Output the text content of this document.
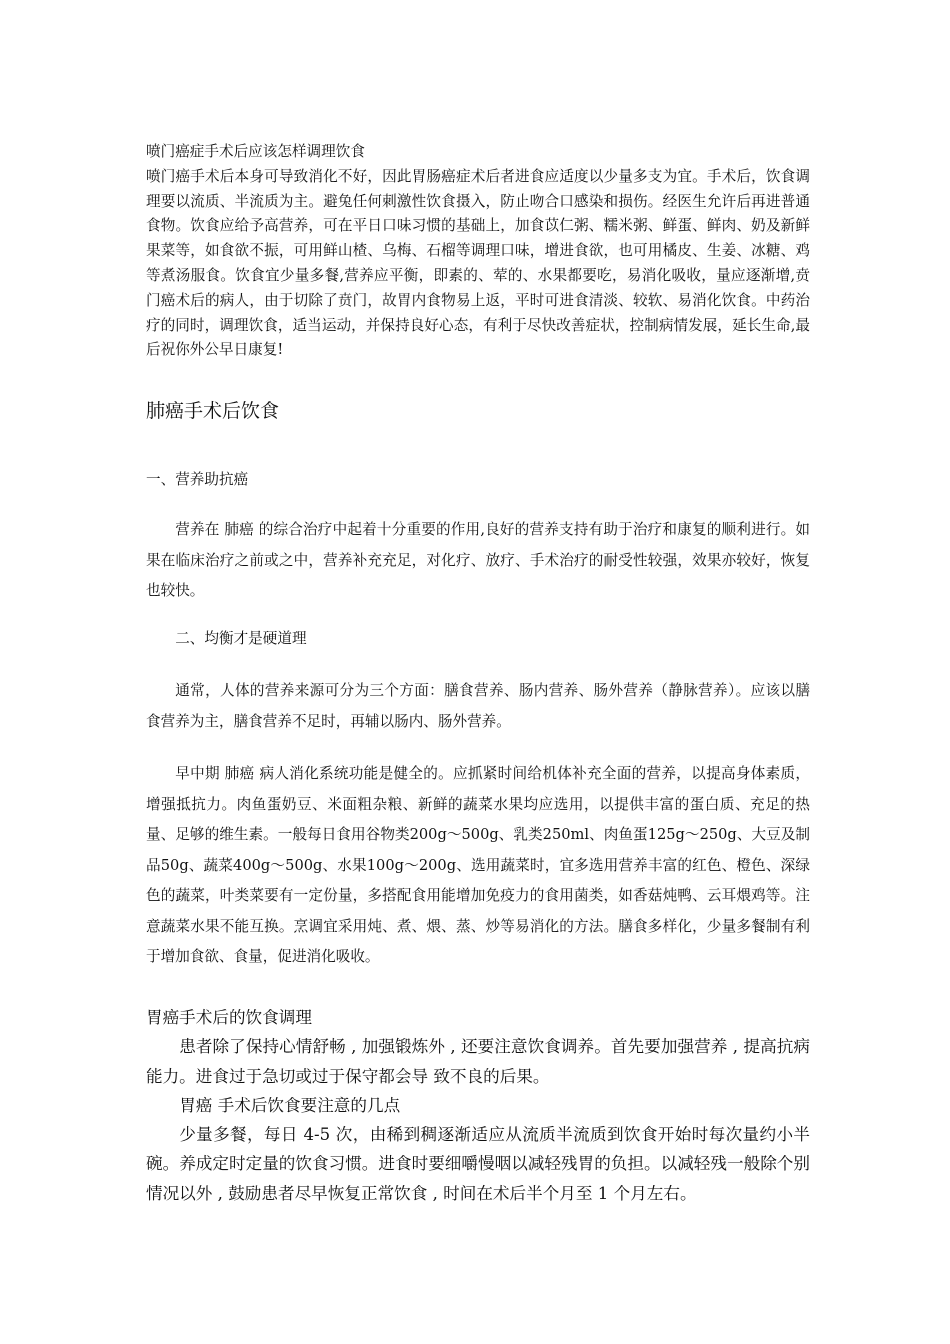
喷门癌症手术后应该怎样调理饮食
喷门癌手术后本身可导致消化不好，因此胃肠癌症术后者进食应适度以少量多支为宜。手术后，饮食调理要以流质、半流质为主。避兔任何刺激性饮食摄入，防止吻合口感染和损伤。经医生允许后再进普通食物。饮食应给予高营养，可在平日口味习惯的基础上，加食苡仁粥、糯米粥、鲜蛋、鲜肉、奶及新鲜果菜等，如食欲不振，可用鲜山楂、乌梅、石榴等调理口味，增进食欲，也可用橘皮、生姜、冰糖、鸡等煮汤服食。饮食宜少量多餐,营养应平衡，即素的、荤的、水果都要吃，易消化吸收，量应逐渐增,贲门癌术后的病人，由于切除了贲门，故胃内食物易上返，平时可进食清淡、较软、易消化饮食。中药治疗的同时，调理饮食，适当运动，并保持良好心态，有利于尽快改善症状，控制病情发展，延长生命,最后祝你外公早日康复!
肺癌手术后饮食
一、营养助抗癌
营养在 肺癌 的综合治疗中起着十分重要的作用,良好的营养支持有助于治疗和康复的顺利进行。如果在临床治疗之前或之中，营养补充充足，对化疗、放疗、手术治疗的耐受性较强，效果亦较好，恢复也较快。
二、均衡才是硬道理
通常，人体的营养来源可分为三个方面：膳食营养、肠内营养、肠外营养（静脉营养）。应该以膳食营养为主，膳食营养不足时，再辅以肠内、肠外营养。
早中期 肺癌 病人消化系统功能是健全的。应抓紧时间给机体补充全面的营养，以提高身体素质，增强抵抗力。肉鱼蛋奶豆、米面粗杂粮、新鲜的蔬菜水果均应选用，以提供丰富的蛋白质、充足的热量、足够的维生素。一般每日食用谷物类200g～500g、乳类250ml、肉鱼蛋125g～250g、大豆及制品50g、蔬菜400g～500g、水果100g～200g、选用蔬菜时，宜多选用营养丰富的红色、橙色、深绿色的蔬菜，叶类菜要有一定份量，多搭配食用能增加免疫力的食用菌类，如香菇炖鸭、云耳煨鸡等。注意蔬菜水果不能互换。烹调宜采用炖、煮、煨、蒸、炒等易消化的方法。膳食多样化，少量多餐制有利于增加食欲、食量，促进消化吸收。
胃癌手术后的饮食调理
患者除了保持心情舒畅 , 加强锻炼外 , 还要注意饮食调养。首先要加强营养 , 提高抗病能力。进食过于急切或过于保守都会导 致不良的后果。
胃癌 手术后饮食要注意的几点
少量多餐，每日 4-5 次，由稀到稠逐渐适应从流质半流质到饮食开始时每次量约小半碗。养成定时定量的饮食习惯。进食时要细嚼慢咽以减轻残胃的负担。以减轻残一般除个别情况以外 , 鼓励患者尽早恢复正常饮食 , 时间在术后半个月至 1 个月左右。
